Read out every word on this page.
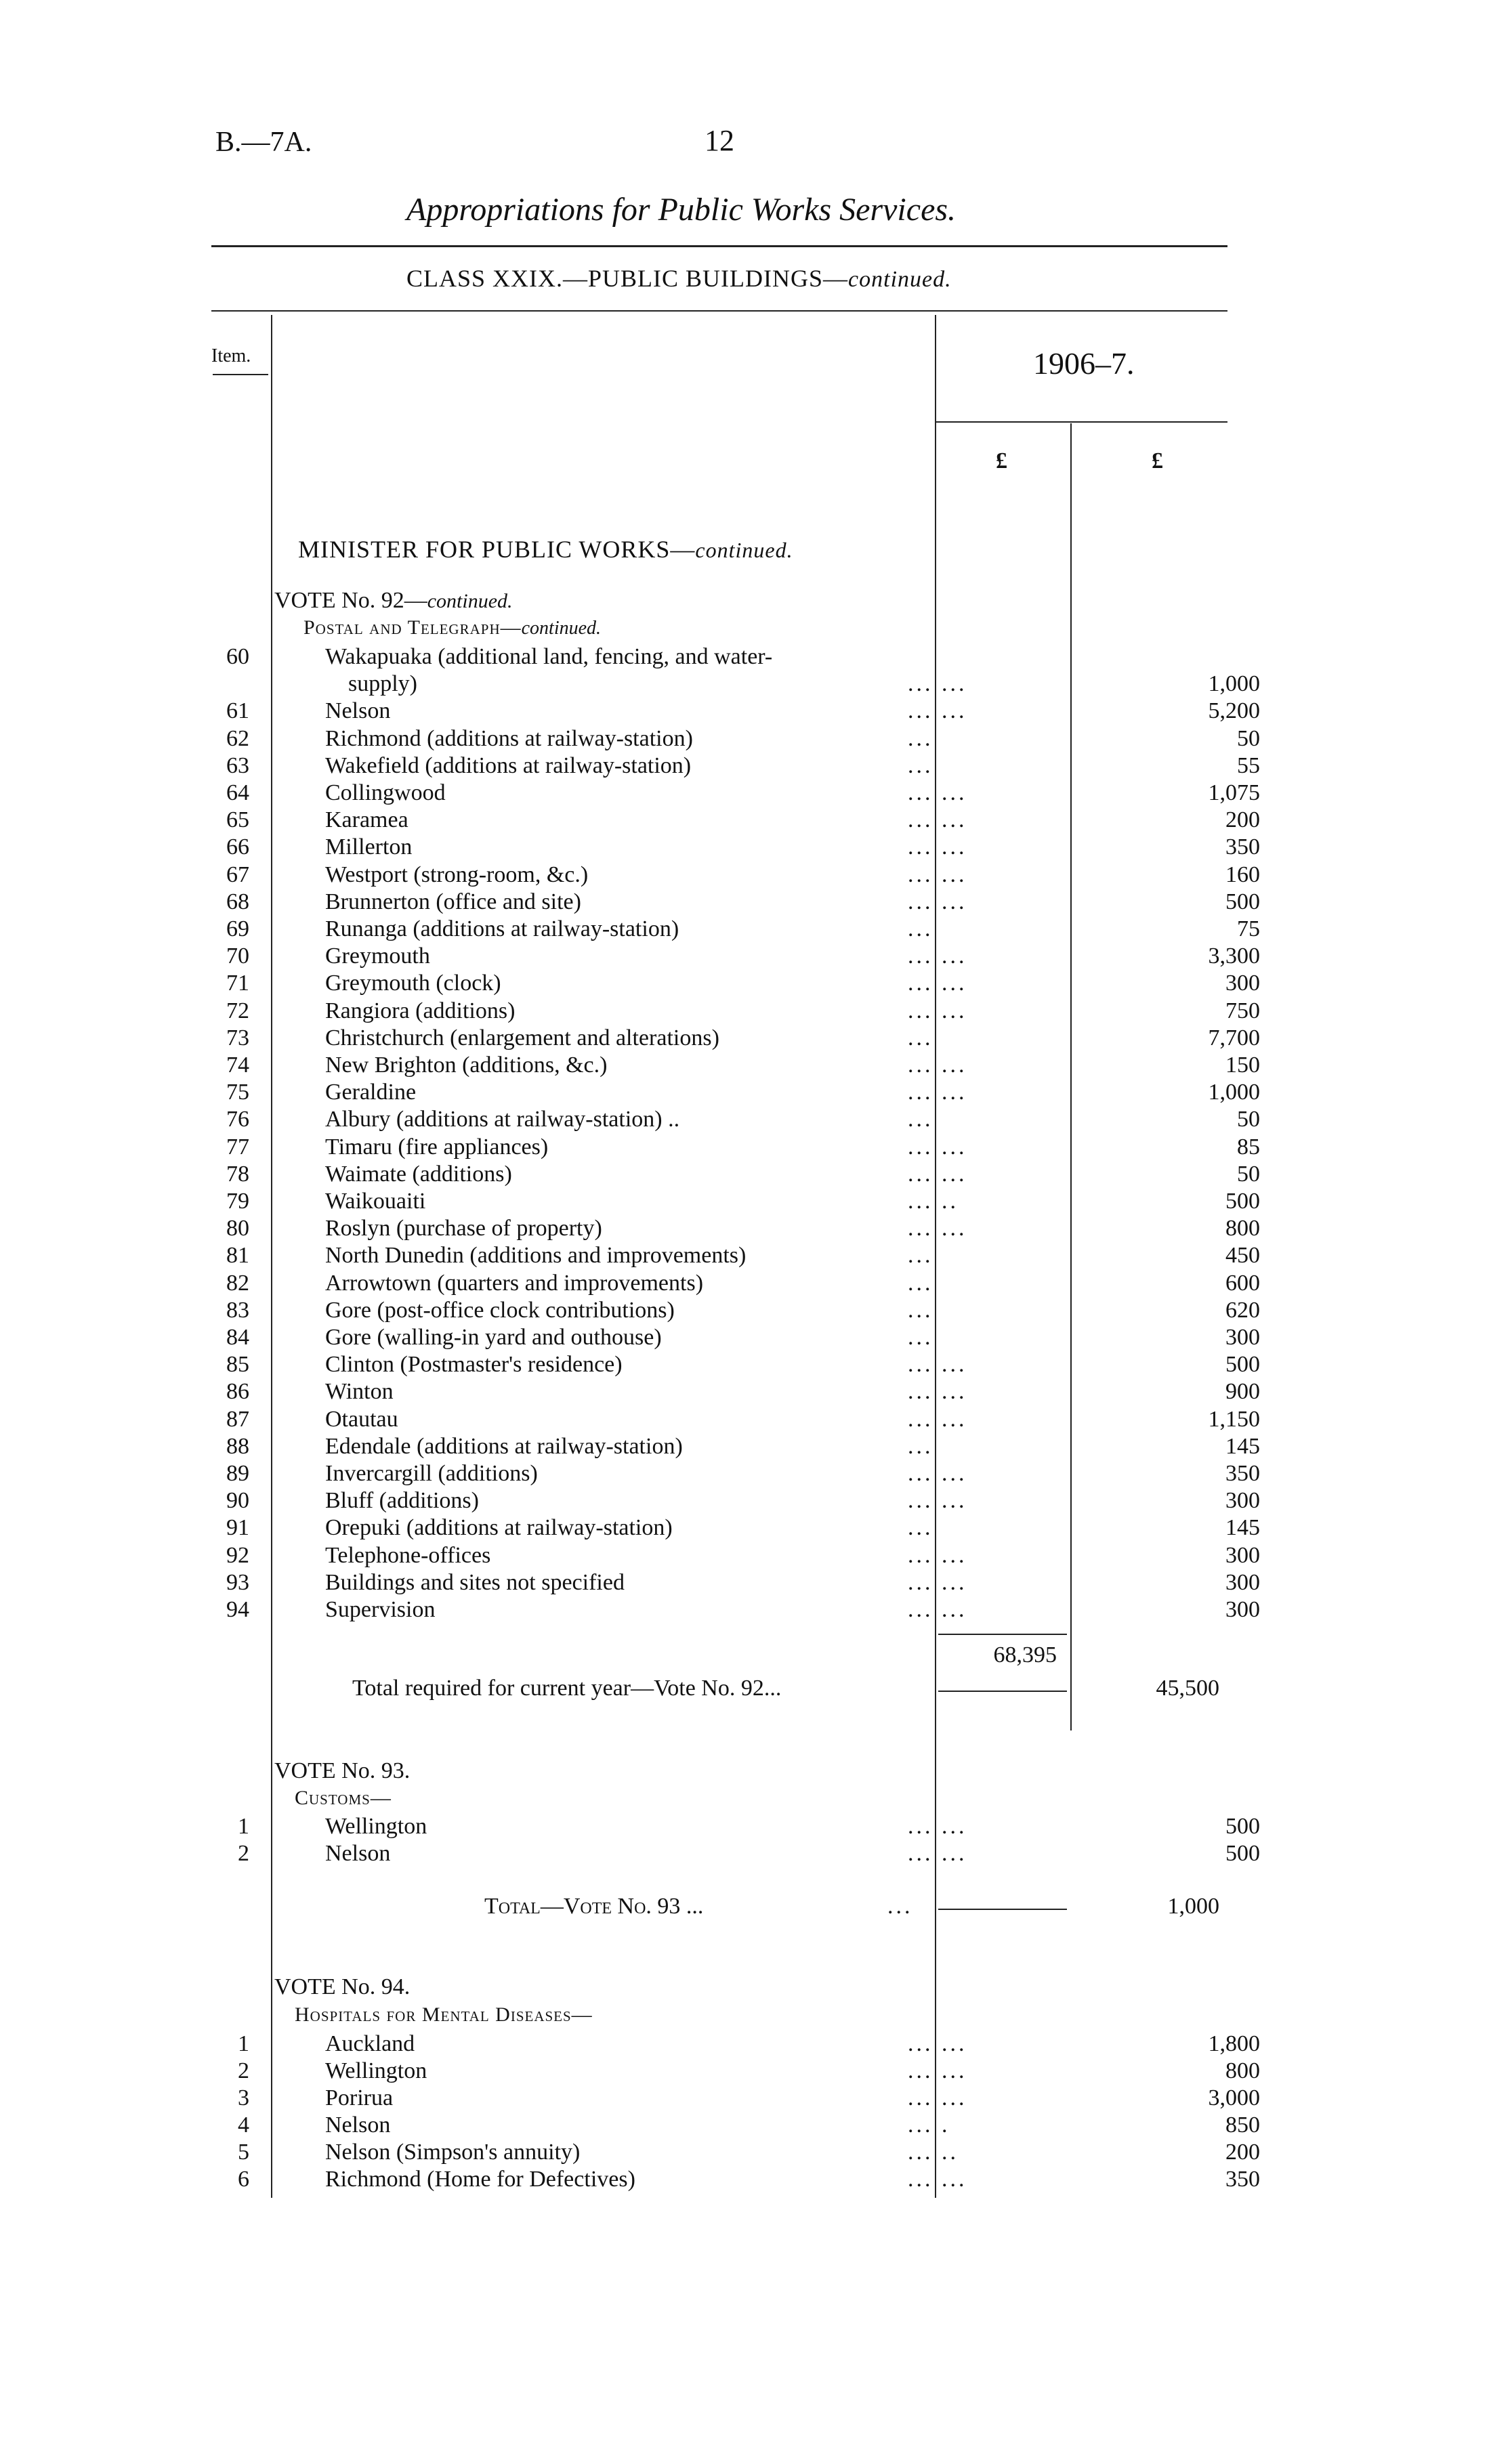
B.—7A.	12
Appropriations for Public Works Services.
CLASS XXIX.—PUBLIC BUILDINGS—continued.
Item.	1906–7.
£	£
MINISTER FOR PUBLIC WORKS—continued.
VOTE No. 92—continued.
Postal and Telegraph—continued.
60	Wakapuaka (additional land, fencing, and water-
supply)	... ...	1,000
61	Nelson	... ...	5,200
62	Richmond (additions at railway-station)	...	50
63	Wakefield (additions at railway-station)	...	55
64	Collingwood	... ...	1,075
65	Karamea	... ...	200
66	Millerton	... ...	350
67	Westport (strong-room, &c.)	... ...	160
68	Brunnerton (office and site)	... ...	500
69	Runanga (additions at railway-station)	...	75
70	Greymouth	... ...	3,300
71	Greymouth (clock)	... ...	300
72	Rangiora (additions)	... ...	750
73	Christchurch (enlargement and alterations)	...	7,700
74	New Brighton (additions, &c.)	... ...	150
75	Geraldine	... ...	1,000
76	Albury (additions at railway-station) ..	...	50
77	Timaru (fire appliances)	... ...	85
78	Waimate (additions)	... ...	50
79	Waikouaiti	... ..	500
80	Roslyn (purchase of property)	... ...	800
81	North Dunedin (additions and improvements)	...	450
82	Arrowtown (quarters and improvements)	...	600
83	Gore (post-office clock contributions)	...	620
84	Gore (walling-in yard and outhouse)	...	300
85	Clinton (Postmaster's residence)	... ...	500
86	Winton	... ...	900
87	Otautau	... ...	1,150
88	Edendale (additions at railway-station)	...	145
89	Invercargill (additions)	... ...	350
90	Bluff (additions)	... ...	300
91	Orepuki (additions at railway-station)	...	145
92	Telephone-offices	... ...	300
93	Buildings and sites not specified	... ...	300
94	Supervision	... ...	300
68,395
Total required for current year—Vote No. 92...	45,500
VOTE No. 93.
Customs—
1	Wellington	... ...	500
2	Nelson	... ...	500
Total—Vote No. 93 ...	...	1,000
VOTE No. 94.
Hospitals for Mental Diseases—
1	Auckland	... ...	1,800
2	Wellington	... ...	800
3	Porirua	... ...	3,000
4	Nelson	... .	850
5	Nelson (Simpson's annuity)	... ..	200
6	Richmond (Home for Defectives)	... ...	350
